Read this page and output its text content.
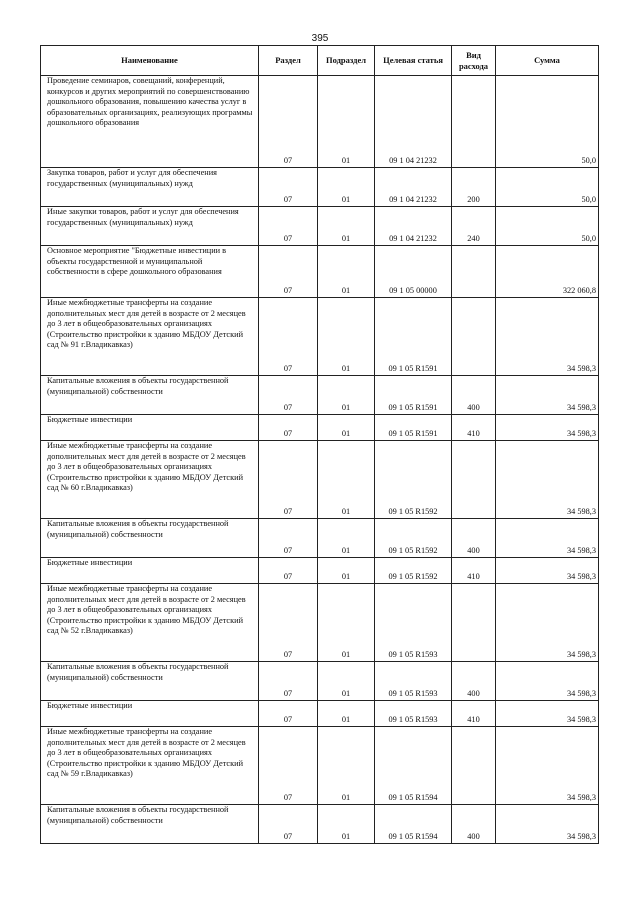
395
Наименование	Раздел	Подраздел	Целевая статья	Вид расхода	Сумма
Проведение семинаров, совещаний, конференций, конкурсов и других мероприятий по совершенствованию дошкольного образования, повышению качества услуг в образовательных организациях, реализующих программы дошкольного образования	07	01	09 1 04 21232		50,0
Закупка товаров, работ и услуг для обеспечения государственных (муниципальных) нужд	07	01	09 1 04 21232	200	50,0
Иные закупки товаров, работ и услуг для обеспечения государственных (муниципальных) нужд	07	01	09 1 04 21232	240	50,0
Основное мероприятие "Бюджетные инвестиции в объекты государственной и муниципальной собственности в сфере дошкольного образования	07	01	09 1 05 00000		322 060,8
Иные межбюджетные трансферты на создание дополнительных мест для детей в возрасте от 2 месяцев до 3 лет в общеобразовательных организациях (Строительство пристройки к зданию МБДОУ Детский сад № 91 г.Владикавказ)	07	01	09 1 05 R1591		34 598,3
Капитальные вложения в объекты государственной (муниципальной) собственности	07	01	09 1 05 R1591	400	34 598,3
Бюджетные инвестиции	07	01	09 1 05 R1591	410	34 598,3
Иные межбюджетные трансферты на создание дополнительных мест для детей в возрасте от 2 месяцев до 3 лет в общеобразовательных организациях (Строительство пристройки к зданию МБДОУ Детский сад № 60 г.Владикавказ)	07	01	09 1 05 R1592		34 598,3
Капитальные вложения в объекты государственной (муниципальной) собственности	07	01	09 1 05 R1592	400	34 598,3
Бюджетные инвестиции	07	01	09 1 05 R1592	410	34 598,3
Иные межбюджетные трансферты на создание дополнительных мест для детей в возрасте от 2 месяцев до 3 лет в общеобразовательных организациях (Строительство пристройки к зданию МБДОУ Детский сад № 52 г.Владикавказ)	07	01	09 1 05 R1593		34 598,3
Капитальные вложения в объекты государственной (муниципальной) собственности	07	01	09 1 05 R1593	400	34 598,3
Бюджетные инвестиции	07	01	09 1 05 R1593	410	34 598,3
Иные межбюджетные трансферты на создание дополнительных мест для детей в возрасте от 2 месяцев до 3 лет в общеобразовательных организациях (Строительство пристройки к зданию МБДОУ Детский сад № 59 г.Владикавказ)	07	01	09 1 05 R1594		34 598,3
Капитальные вложения в объекты государственной (муниципальной) собственности	07	01	09 1 05 R1594	400	34 598,3
